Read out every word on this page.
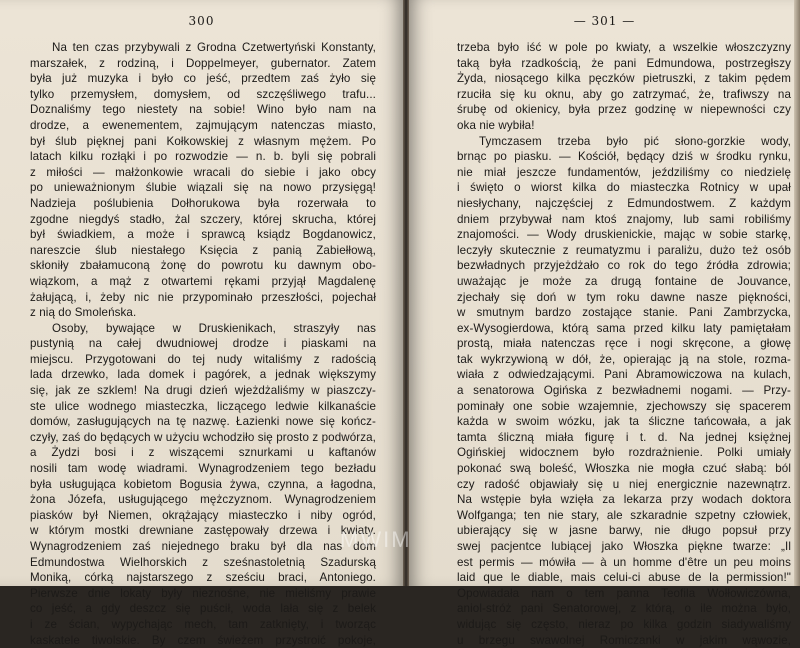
300
Na ten czas przybywali z Grodna Czetwertyński Konstanty,
marszałek, z rodziną, i Doppelmeyer, gubernator. Zatem
była już muzyka i było co jeść, przedtem zaś żyło się
tylko przemysłem, domysłem, od szczęśliwego trafu...
Doznaliśmy tego niestety na sobie! Wino było nam na
drodze, a ewenementem, zajmującym natenczas miasto,
był ślub pięknej pani Kołkowskiej z własnym mężem. Po
latach kilku rozłąki i po rozwodzie — n. b. byli się pobrali
z miłości — małżonkowie wracali do siebie i jako obcy
po unieważnionym ślubie wiązali się na nowo przysięgą!
Nadzieja poślubienia Dołhorukowa była rozerwała to
zgodne niegdyś stadło, żal szczery, której skrucha, której
był świadkiem, a może i sprawcą ksiądz Bogdanowicz,
nareszcie ślub niestałego Księcia z panią Zabiełłową,
skłoniły zbałamuconą żonę do powrotu ku dawnym obo-
wiązkom, a mąż z otwartemi rękami przyjął Magdalenę
żałującą, i, żeby nic nie przypominało przeszłości, pojechał
z nią do Smoleńska.
Osoby, bywające w Druskienikach, straszyły nas
pustynią na całej dwudniowej drodze i piaskami na
miejscu. Przygotowani do tej nudy witaliśmy z radością
lada drzewko, lada domek i pagórek, a jednak większymy
się, jak ze szklem! Na drugi dzień wjeżdżaliśmy w piaszczy-
ste ulice wodnego miasteczka, liczącego ledwie kilkanaście
domów, zasługujących na tę nazwę. Łazienki nowe się kończ-
czyły, zaś do będących w użyciu wchodziło się prosto z podwórza,
a Żydzi bosi i z wiszącemi sznurkami u kaftanów
nosili tam wodę wiadrami. Wynagrodzeniem tego bezładu
była usługująca kobietom Bogusia żywa, czynna, a łagodna,
żona Józefa, usługującego mężczyznom. Wynagrodzeniem
piasków był Niemen, okrążający miasteczko i niby ogród,
w którym mostki drewniane zastępowały drzewa i kwiaty.
Wynagrodzeniem zaś niejednego braku był dla nas dom
Edmundostwa Wielhorskich z sześnastoletnią Szadurską
Moniką, córką najstarszego z sześciu braci, Antoniego.
Pierwsze dnie lokaty były nieznośne, nie mieliśmy prawie
co jeść, a gdy deszcz się puścił, woda lała się z belek
i ze ścian, wypychając mech, tam zatknięty, i tworząc
kaskatele tiwolskie. By czem świeżem przystroić pokoje,
— 301 —
trzeba było iść w pole po kwiaty, a wszelkie włoszczyzny
taką była rzadkością, że pani Edmundowa, postrzegłszy
Żyda, niosącego kilka pęczków pietruszki, z takim pędem
rzuciła się ku oknu, aby go zatrzymać, że, trafiwszy na
śrubę od okienicy, była przez godzinę w niepewności czy
oka nie wybiła!
Tymczasem trzeba było pić słono-gorzkie wody,
brnąc po piasku. — Kościół, będący dziś w środku rynku,
nie miał jeszcze fundamentów, jeździliśmy co niedzielę
i święto o wiorst kilka do miasteczka Rotnicy w upał
niesłychany, najczęściej z Edmundostwem. Z każdym
dniem przybywał nam ktoś znajomy, lub sami robiliśmy
znajomości. — Wody druskienickie, mając w sobie starkę,
leczyły skutecznie z reumatyzmu i paraliżu, dużo też osób
bezwładnych przyjeżdżało co rok do tego źródła zdrowia;
uważając je może za drugą fontaine de Jouvance,
zjechały się doń w tym roku dawne nasze piękności,
w smutnym bardzo zostające stanie. Pani Zambrzycka,
ex-Wysogierdowa, którą sama przed kilku laty pamiętałam
prostą, miała natenczas ręce i nogi skręcone, a głowę
tak wykrzywioną w dół, że, opierając ją na stole, rozma-
wiała z odwiedzającymi. Pani Abramowiczowa na kulach,
a senatorowa Ogińska z bezwładnemi nogami. — Przy-
pominały one sobie wzajemnie, zjechowszy się spacerem
każda w swoim wózku, jak ta śliczne tańcowała, a jak
tamta śliczną miała figurę i t. d. Na jednej księżnej
Ogińskiej widocznem było rozdrażnienie. Polki umiały
pokonać swą boleść, Włoszka nie mogła czuć słabą: ból
czy radość objawiały się u niej energicznie nazewnątrz.
Na wstępie była wzięła za lekarza przy wodach doktora
Wolfganga; ten nie stary, ale szkaradnie szpetny człowiek,
ubierający się w jasne barwy, nie długo popsuł przy
swej pacjentce lubiącej jako Włoszka piękne twarze: „Il
est permis — mówiła — à un homme d'être un peu moins
laid que le diable, mais celui-ci abuse de la permission!"
Opowiadała nam o tem panna Teofila Wołłowiczówna,
aniol-stróż pani Senatorowej, z którą, o ile można było,
widując się często, nieraz po kilka godzin siadywaliśmy
u brzegu swawolnej Romiczanki w jakim wąwozie,
MWIM
